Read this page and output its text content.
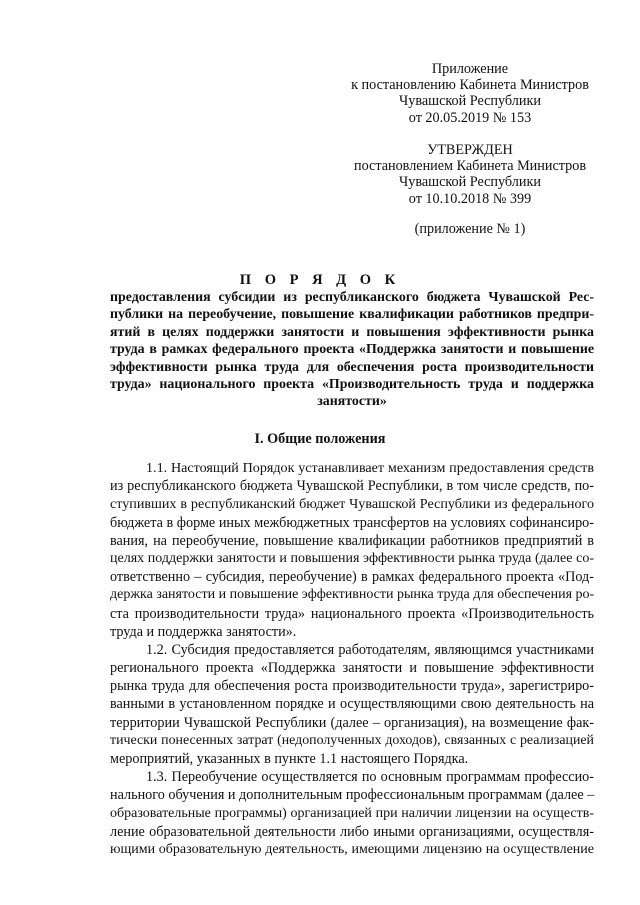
Приложение
к постановлению Кабинета Министров
Чувашской Республики
от 20.05.2019 № 153
УТВЕРЖДЕН
постановлением Кабинета Министров
Чувашской Республики
от 10.10.2018 № 399
(приложение № 1)
П О Р Я Д О К
предоставления субсидии из республиканского бюджета Чувашской Рес-
публики на переобучение, повышение квалификации работников предпри-
ятий в целях поддержки занятости и повышения эффективности рынка
труда в рамках федерального проекта «Поддержка занятости и повышение
эффективности рынка труда для обеспечения роста производительности
труда» национального проекта «Производительность труда и поддержка
занятости»
I. Общие положения
1.1. Настоящий Порядок устанавливает механизм предоставления средств
из республиканского бюджета Чувашской Республики, в том числе средств, по-
ступивших в республиканский бюджет Чувашской Республики из федерального
бюджета в форме иных межбюджетных трансфертов на условиях софинансиро-
вания, на переобучение, повышение квалификации работников предприятий в
целях поддержки занятости и повышения эффективности рынка труда (далее со-
ответственно – субсидия, переобучение) в рамках федерального проекта «Под-
держка занятости и повышение эффективности рынка труда для обеспечения ро-
ста производительности труда» национального проекта «Производительность
труда и поддержка занятости».
1.2. Субсидия предоставляется работодателям, являющимся участниками
регионального проекта «Поддержка занятости и повышение эффективности
рынка труда для обеспечения роста производительности труда», зарегистриро-
ванными в установленном порядке и осуществляющими свою деятельность на
территории Чувашской Республики (далее – организация), на возмещение фак-
тически понесенных затрат (недополученных доходов), связанных с реализацией
мероприятий, указанных в пункте 1.1 настоящего Порядка.
1.3. Переобучение осуществляется по основным программам профессио-
нального обучения и дополнительным профессиональным программам (далее –
образовательные программы) организацией при наличии лицензии на осуществ-
ление образовательной деятельности либо иными организациями, осуществля-
ющими образовательную деятельность, имеющими лицензию на осуществление
